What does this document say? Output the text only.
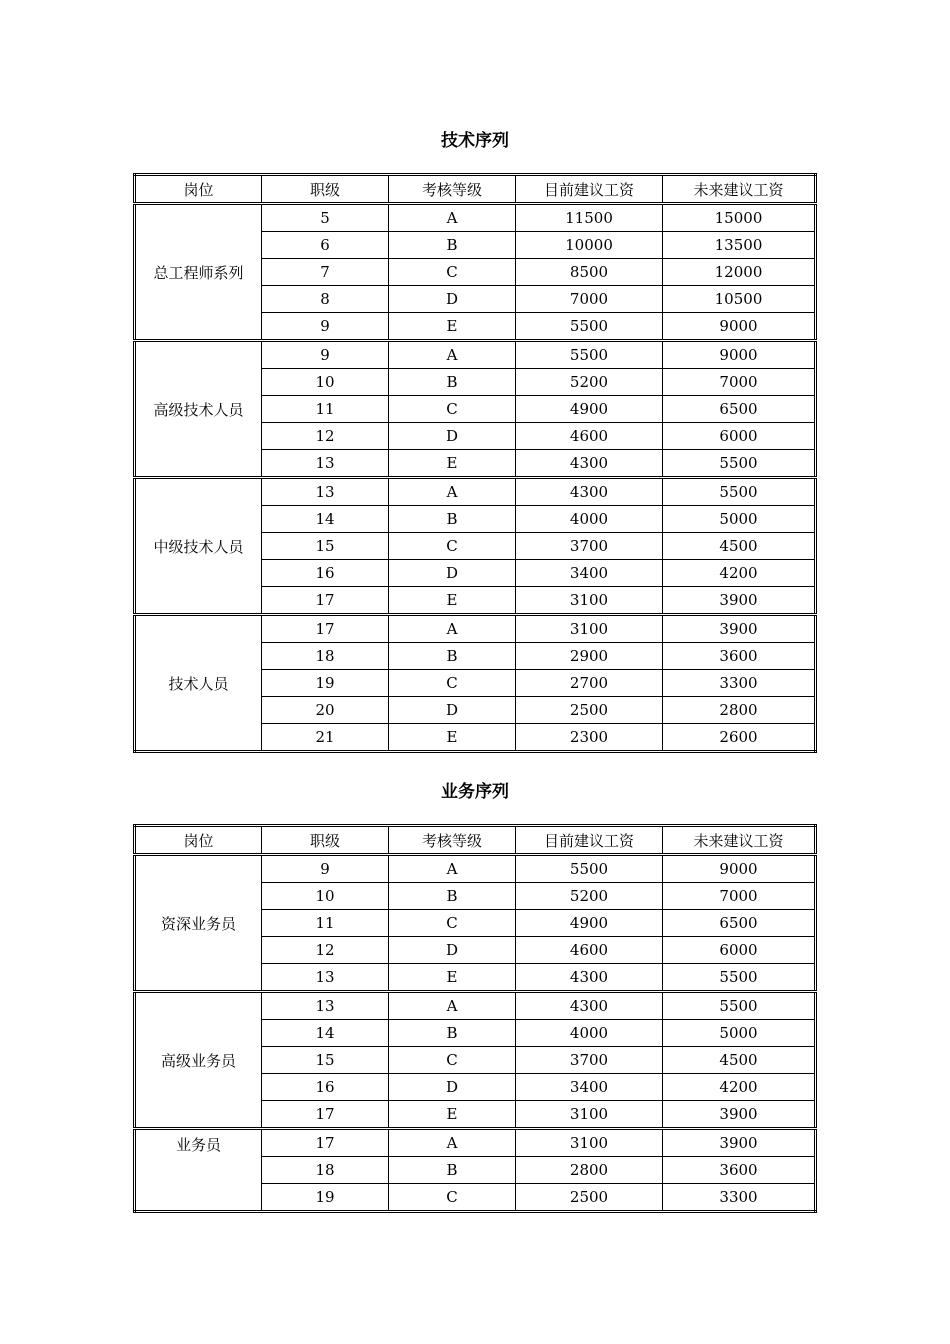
技术序列
岗位	职级	考核等级	目前建议工资	未来建议工资
总工程师系列	5	A	11500	15000
	6	B	10000	13500
	7	C	8500	12000
	8	D	7000	10500
	9	E	5500	9000
高级技术人员	9	A	5500	9000
	10	B	5200	7000
	11	C	4900	6500
	12	D	4600	6000
	13	E	4300	5500
中级技术人员	13	A	4300	5500
	14	B	4000	5000
	15	C	3700	4500
	16	D	3400	4200
	17	E	3100	3900
技术人员	17	A	3100	3900
	18	B	2900	3600
	19	C	2700	3300
	20	D	2500	2800
	21	E	2300	2600
业务序列
岗位	职级	考核等级	目前建议工资	未来建议工资
资深业务员	9	A	5500	9000
	10	B	5200	7000
	11	C	4900	6500
	12	D	4600	6000
	13	E	4300	5500
高级业务员	13	A	4300	5500
	14	B	4000	5000
	15	C	3700	4500
	16	D	3400	4200
	17	E	3100	3900
业务员	17	A	3100	3900
	18	B	2800	3600
	19	C	2500	3300
